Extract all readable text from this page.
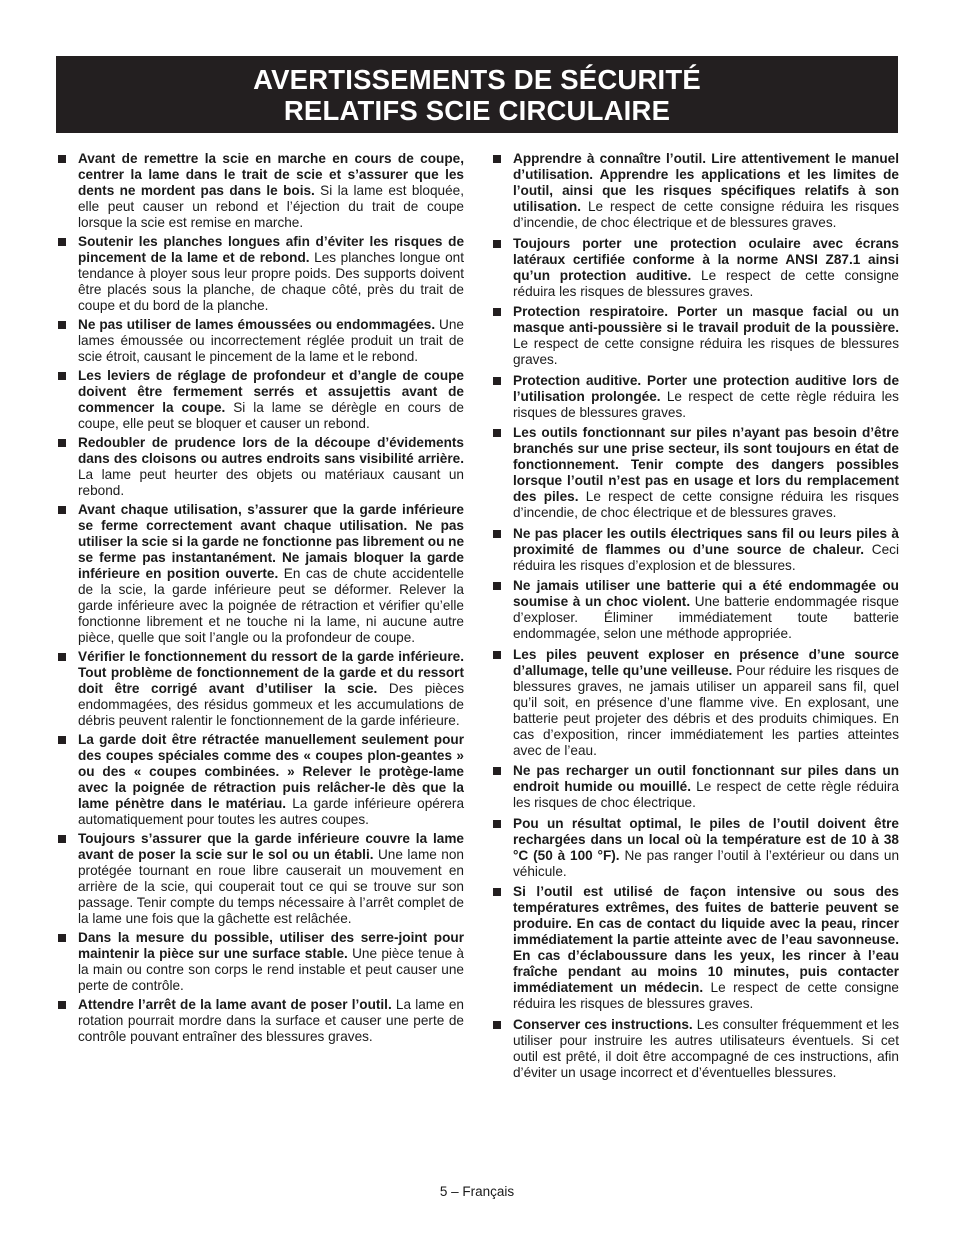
AVERTISSEMENTS DE SÉCURITÉ
RELATIFS SCIE CIRCULAIRE
Avant de remettre la scie en marche en cours de coupe, centrer la lame dans le trait de scie et s’assurer que les dents ne mordent pas dans le bois. Si la lame est bloquée, elle peut causer un rebond et l’éjection du trait de coupe lorsque la scie est remise en marche.
Soutenir les planches longues afin d’éviter les risques de pincement de la lame et de rebond. Les planches longue ont tendance à ployer sous leur propre poids. Des supports doivent être placés sous la planche, de chaque côté, près du trait de coupe et du bord de la planche.
Ne pas utiliser de lames émoussées ou endommagées. Une lames émoussée ou incorrectement réglée produit un trait de scie étroit, causant le pincement de la lame et le rebond.
Les leviers de réglage de profondeur et d’angle de coupe doivent être fermement serrés et assujettis avant de commencer la coupe. Si la lame se dérègle en cours de coupe, elle peut se bloquer et causer un rebond.
Redoubler de prudence lors de la découpe d’évidements dans des cloisons ou autres endroits sans visibilité arrière. La lame peut heurter des objets ou matériaux causant un rebond.
Avant chaque utilisation, s’assurer que la garde inférieure se ferme correctement avant chaque utilisation. Ne pas utiliser la scie si la garde ne fonctionne pas librement ou ne se ferme pas instantanément. Ne jamais bloquer la garde inférieure en position ouverte. En cas de chute accidentelle de la scie, la garde inférieure peut se déformer. Relever la garde inférieure avec la poignée de rétraction et vérifier qu’elle fonctionne librement et ne touche ni la lame, ni aucune autre pièce, quelle que soit l’angle ou la profondeur de coupe.
Vérifier le fonctionnement du ressort de la garde inférieure. Tout problème de fonctionnement de la garde et du ressort doit être corrigé avant d’utiliser la scie. Des pièces endommagées, des résidus gommeux et les accumulations de débris peuvent ralentir le fonctionnement de la garde inférieure.
La garde doit être rétractée manuellement seulement pour des coupes spéciales comme des « coupes plon-geantes » ou des « coupes combinées. » Relever le protège-lame avec la poignée de rétraction puis relâcher-le dès que la lame pénètre dans le matériau. La garde inférieure opérera automatiquement pour toutes les autres coupes.
Toujours s’assurer que la garde inférieure couvre la lame avant de poser la scie sur le sol ou un établi. Une lame non protégée tournant en roue libre causerait un mouvement en arrière de la scie, qui couperait tout ce qui se trouve sur son passage. Tenir compte du temps nécessaire à l’arrêt complet de la lame une fois que la gâchette est relâchée.
Dans la mesure du possible, utiliser des serre-joint pour maintenir la pièce sur une surface stable. Une pièce tenue à la main ou contre son corps le rend instable et peut causer une perte de contrôle.
Attendre l’arrêt de la lame avant de poser l’outil. La lame en rotation pourrait mordre dans la surface et causer une perte de contrôle pouvant entraîner des blessures graves.
Apprendre à connaître l’outil. Lire attentivement le manuel d’utilisation. Apprendre les applications et les limites de l’outil, ainsi que les risques spécifiques relatifs à son utilisation. Le respect de cette consigne réduira les risques d’incendie, de choc électrique et de blessures graves.
Toujours porter une protection oculaire avec écrans latéraux certifiée conforme à la norme ANSI Z87.1 ainsi qu’un protection auditive. Le respect de cette consigne réduira les risques de blessures graves.
Protection respiratoire. Porter un masque facial ou un masque anti-poussière si le travail produit de la poussière. Le respect de cette consigne réduira les risques de blessures graves.
Protection auditive. Porter une protection auditive lors de l’utilisation prolongée. Le respect de cette règle réduira les risques de blessures graves.
Les outils fonctionnant sur piles n’ayant pas besoin d’être branchés sur une prise secteur, ils sont toujours en état de fonctionnement. Tenir compte des dangers possibles lorsque l’outil n’est pas en usage et lors du remplacement des piles. Le respect de cette consigne réduira les risques d’incendie, de choc électrique et de blessures graves.
Ne pas placer les outils électriques sans fil ou leurs piles à proximité de flammes ou d’une source de chaleur. Ceci réduira les risques d’explosion et de blessures.
Ne jamais utiliser une batterie qui a été endommagée ou soumise à un choc violent. Une batterie endommagée risque d’exploser. Éliminer immédiatement toute batterie endommagée, selon une méthode appropriée.
Les piles peuvent exploser en présence d’une source d’allumage, telle qu’une veilleuse. Pour réduire les risques de blessures graves, ne jamais utiliser un appareil sans fil, quel qu’il soit, en présence d’une flamme vive. En explosant, une batterie peut projeter des débris et des produits chimiques. En cas d’exposition, rincer immédiatement les parties atteintes avec de l’eau.
Ne pas recharger un outil fonctionnant sur piles dans un endroit humide ou mouillé. Le respect de cette règle réduira les risques de choc électrique.
Pou un résultat optimal, le piles de l’outil doivent être rechargées dans un local où la température est de 10 à 38 °C (50 à 100 °F). Ne pas ranger l’outil à l’extérieur ou dans un véhicule.
Si l’outil est utilisé de façon intensive ou sous des températures extrêmes, des fuites de batterie peuvent se produire. En cas de contact du liquide avec la peau, rincer immédiatement la partie atteinte avec de l’eau savonneuse. En cas d’éclaboussure dans les yeux, les rincer à l’eau fraîche pendant au moins 10 minutes, puis contacter immédiatement un médecin. Le respect de cette consigne réduira les risques de blessures graves.
Conserver ces instructions. Les consulter fréquemment et les utiliser pour instruire les autres utilisateurs éventuels. Si cet outil est prêté, il doit être accompagné de ces instructions, afin d’éviter un usage incorrect et d’éventuelles blessures.
5 – Français
